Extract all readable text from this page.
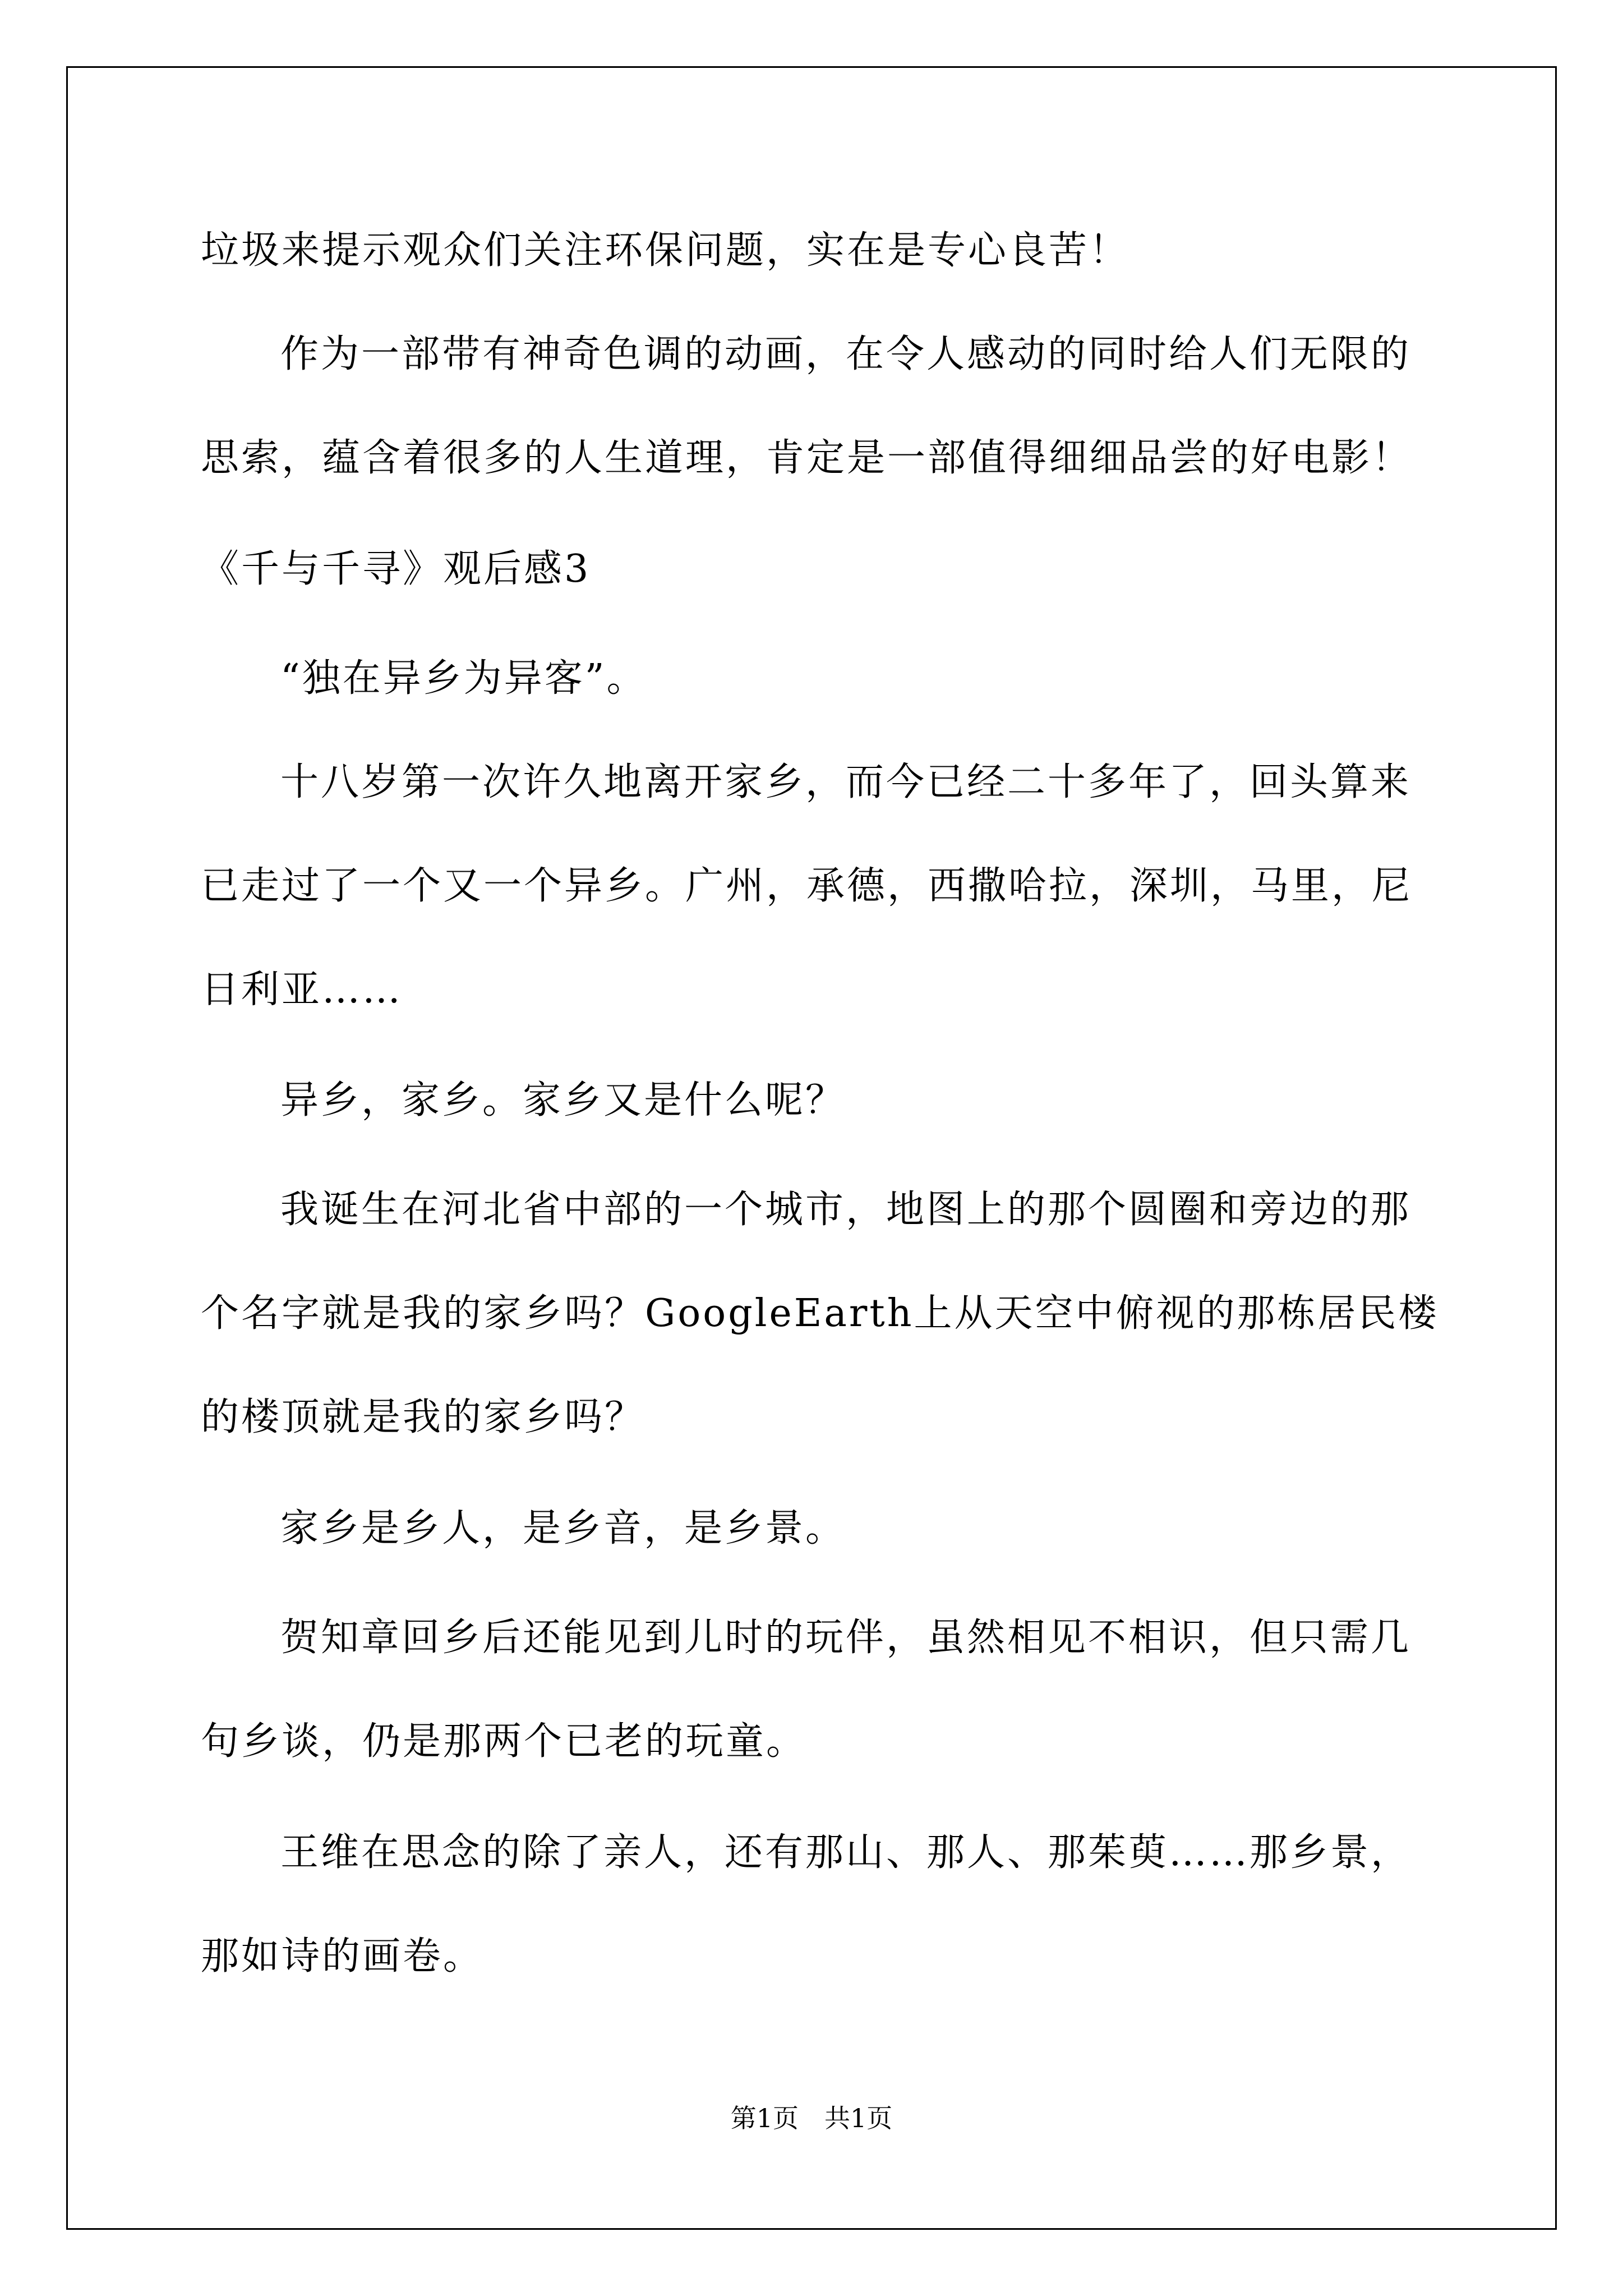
垃圾来提示观众们关注环保问题，实在是专心良苦！
作为一部带有神奇色调的动画，在令人感动的同时给人们无限的
思索，蕴含着很多的人生道理，肯定是一部值得细细品尝的好电影！
《千与千寻》观后感3
“独在异乡为异客”。
十八岁第一次许久地离开家乡，而今已经二十多年了，回头算来
已走过了一个又一个异乡。广州，承德，西撒哈拉，深圳，马里，尼
日利亚……
异乡，家乡。家乡又是什么呢？
我诞生在河北省中部的一个城市，地图上的那个圆圈和旁边的那
个名字就是我的家乡吗？GoogleEarth上从天空中俯视的那栋居民楼
的楼顶就是我的家乡吗？
家乡是乡人，是乡音，是乡景。
贺知章回乡后还能见到儿时的玩伴，虽然相见不相识，但只需几
句乡谈，仍是那两个已老的玩童。
王维在思念的除了亲人，还有那山、那人、那茱萸……那乡景，
那如诗的画卷。
第1页　共1页
